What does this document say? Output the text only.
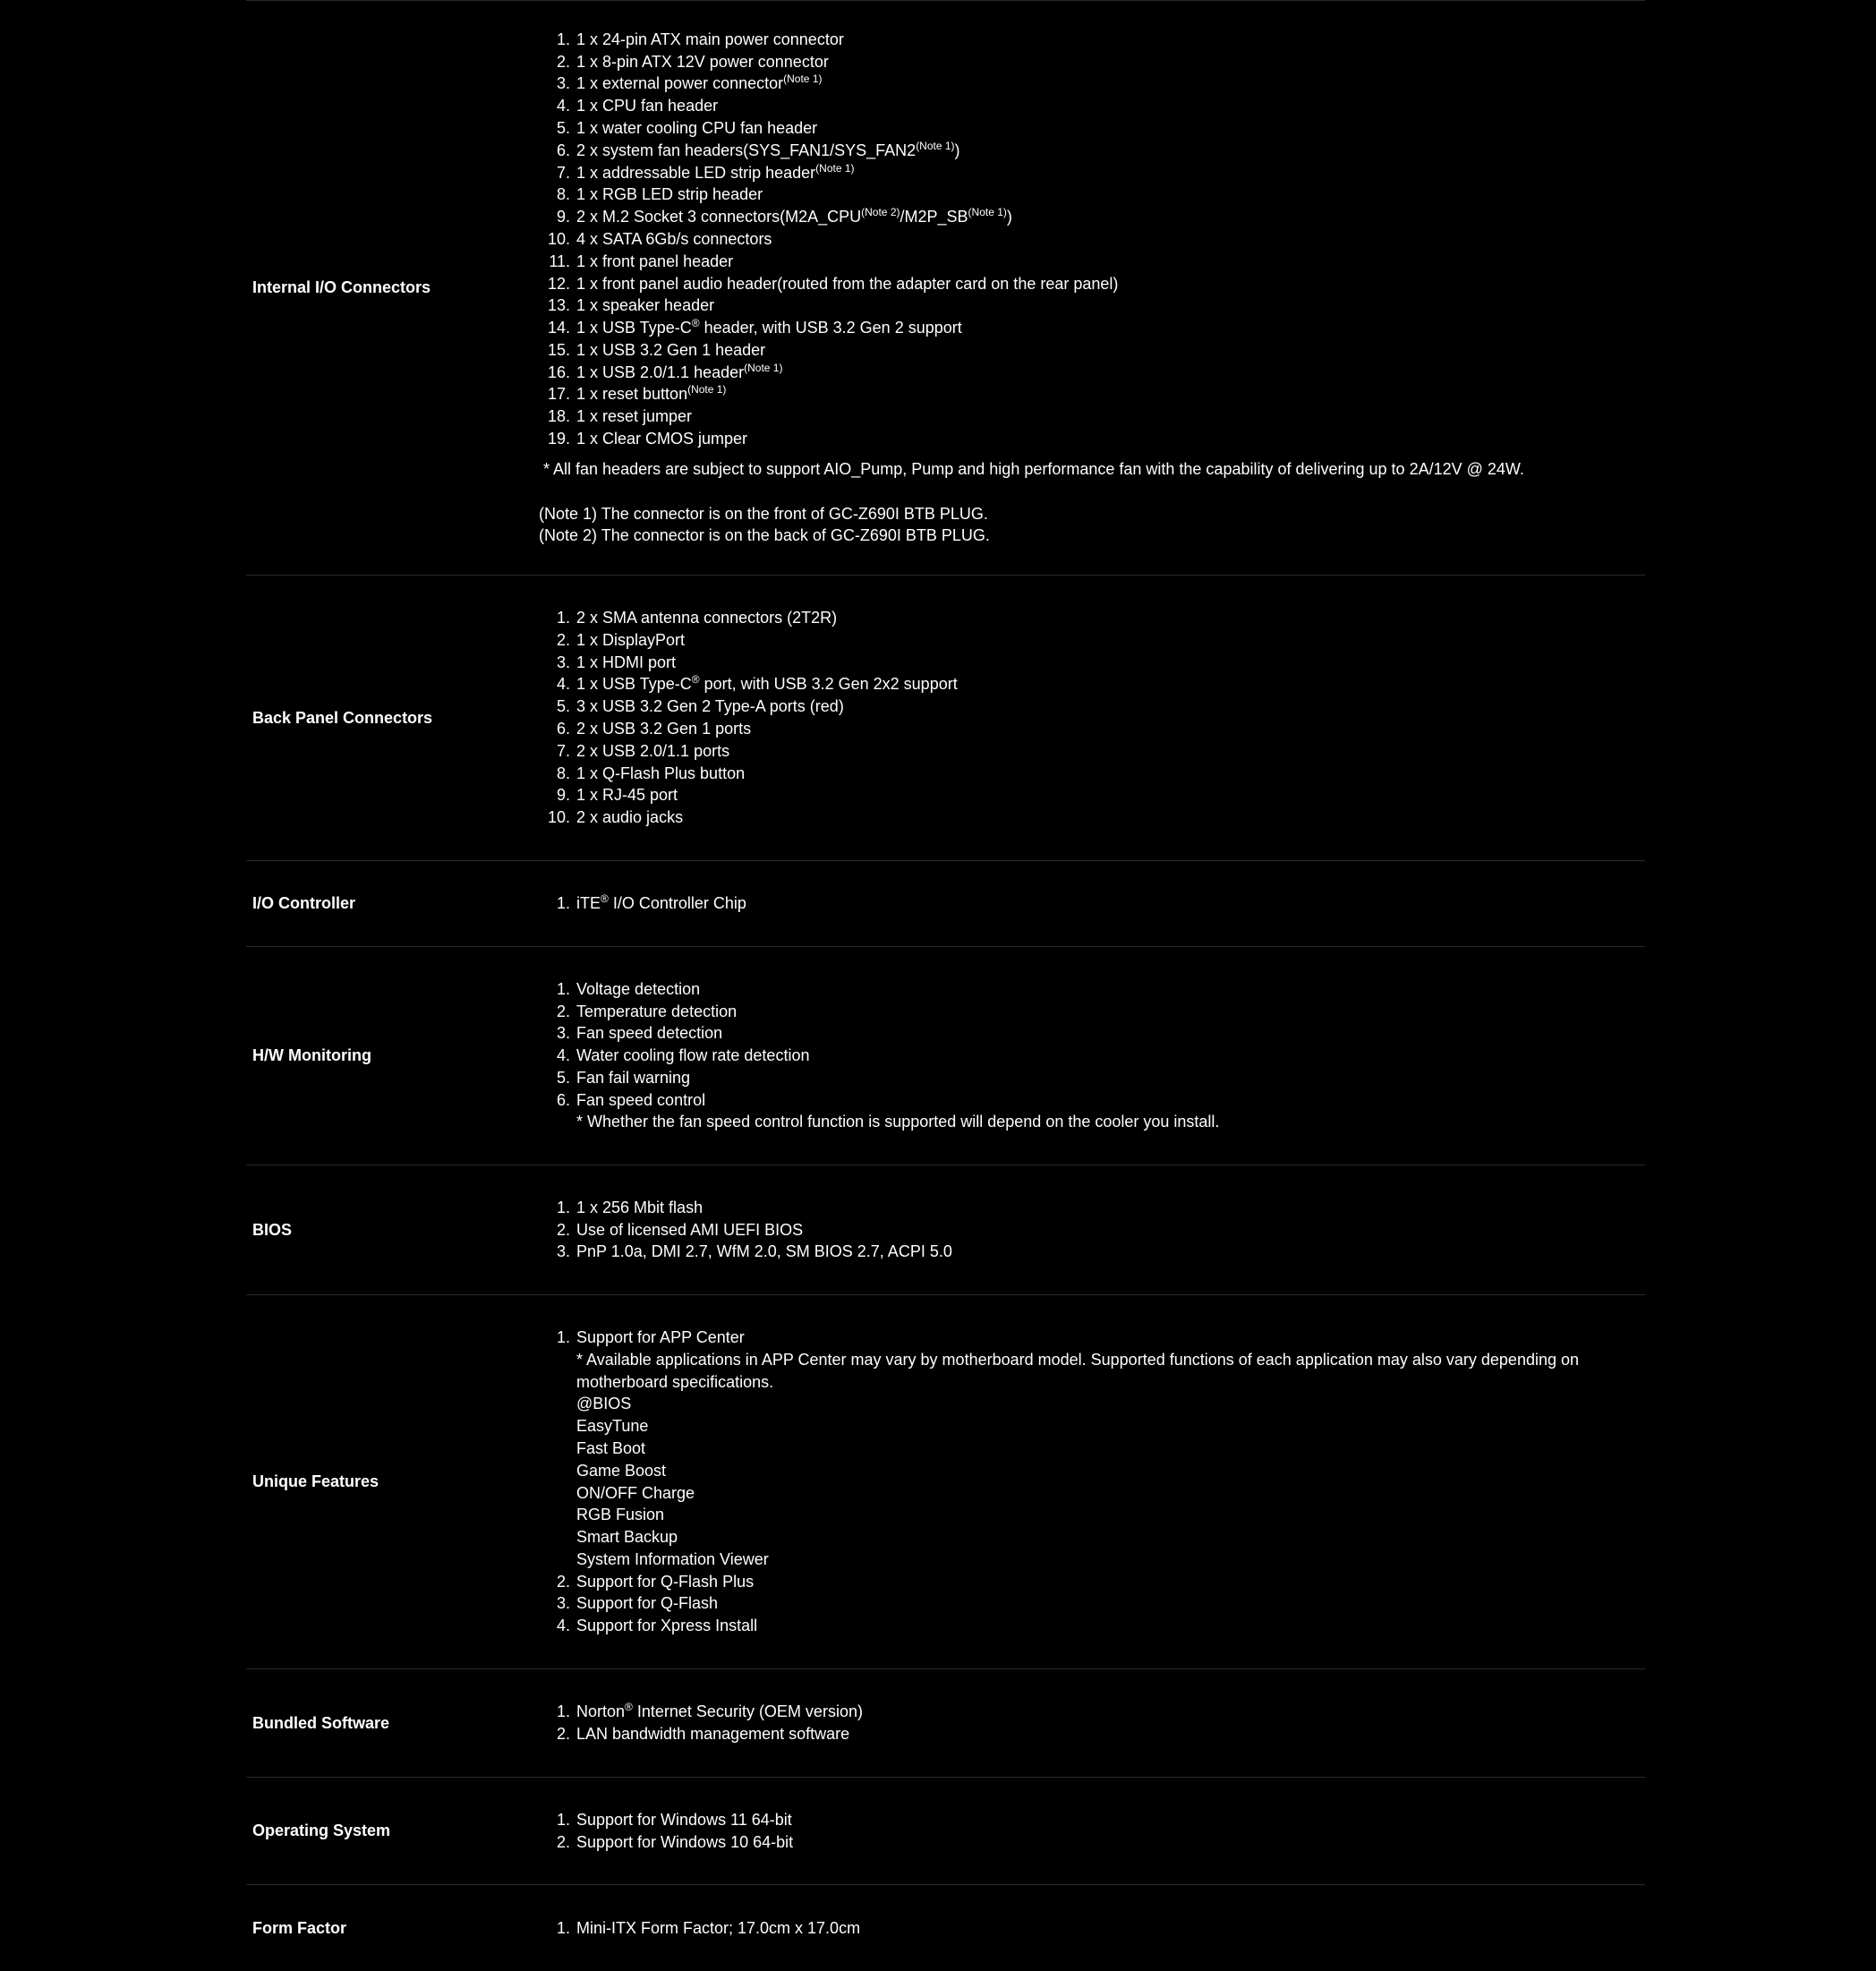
Internal I/O Connectors
1. 1 x 24-pin ATX main power connector
2. 1 x 8-pin ATX 12V power connector
3. 1 x external power connector$^{(Note 1)}$
4. 1 x CPU fan header
5. 1 x water cooling CPU fan header
6. 2 x system fan $headers(SYS\_FAN1/SYS\_FAN2^{(Note 1)})$
7. 1 x addressable LED strip header$^{(Note 1)}$
8. 1 x RGB LED strip header
9. 2 x M.2 Socket 3 $connectors(M2A\_CPU^{(Note 2)}/M2P\_SB^{(Note 1)})$
10. 4 x SATA 6Gb/s connectors
11. 1 x front panel header
12. 1 x front panel audio header(routed from the adapter card on the rear panel)
13. 1 x speaker header
14. 1 x USB Type-C® header, with USB 3.2 Gen 2 support
15. 1 x USB 3.2 Gen 1 header
16. 1 x USB 2.0/1.1 header$^{(Note 1)}$
17. 1 x reset button$^{(Note 1)}$
18. 1 x reset jumper
19. 1 x Clear CMOS jumper
* All fan headers are subject to support AIO_Pump, Pump and high performance fan with the capability of delivering up to 2A/12V @ 24W.
(Note 1) The connector is on the front of GC-Z690I BTB PLUG.
(Note 2) The connector is on the back of GC-Z690I BTB PLUG.
Back Panel Connectors
1. 2 x SMA antenna connectors (2T2R)
2. 1 x DisplayPort
3. 1 x HDMI port
4. 1 x USB Type-C® port, with USB 3.2 Gen 2x2 support
5. 3 x USB 3.2 Gen 2 Type-A ports (red)
6. 2 x USB 3.2 Gen 1 ports
7. 2 x USB 2.0/1.1 ports
8. 1 x Q-Flash Plus button
9. 1 x RJ-45 port
10. 2 x audio jacks
I/O Controller	1. iTE® I/O Controller Chip
H/W Monitoring
1. Voltage detection
2. Temperature detection
3. Fan speed detection
4. Water cooling flow rate detection
5. Fan fail warning
6. Fan speed control
* Whether the fan speed control function is supported will depend on the cooler you install.
BIOS
1. 1 x 256 Mbit flash
2. Use of licensed AMI UEFI BIOS
3. PnP 1.0a, DMI 2.7, WfM 2.0, SM BIOS 2.7, ACPI 5.0
Unique Features
1. Support for APP Center
* Available applications in APP Center may vary by motherboard model. Supported functions of each application may also vary depending on motherboard specifications.
@BIOS
EasyTune
Fast Boot
Game Boost
ON/OFF Charge
RGB Fusion
Smart Backup
System Information Viewer
2. Support for Q-Flash Plus
3. Support for Q-Flash
4. Support for Xpress Install
Bundled Software
1. Norton® Internet Security (OEM version)
2. LAN bandwidth management software
Operating System
1. Support for Windows 11 64-bit
2. Support for Windows 10 64-bit
Form Factor	1. Mini-ITX Form Factor; 17.0cm x 17.0cm
